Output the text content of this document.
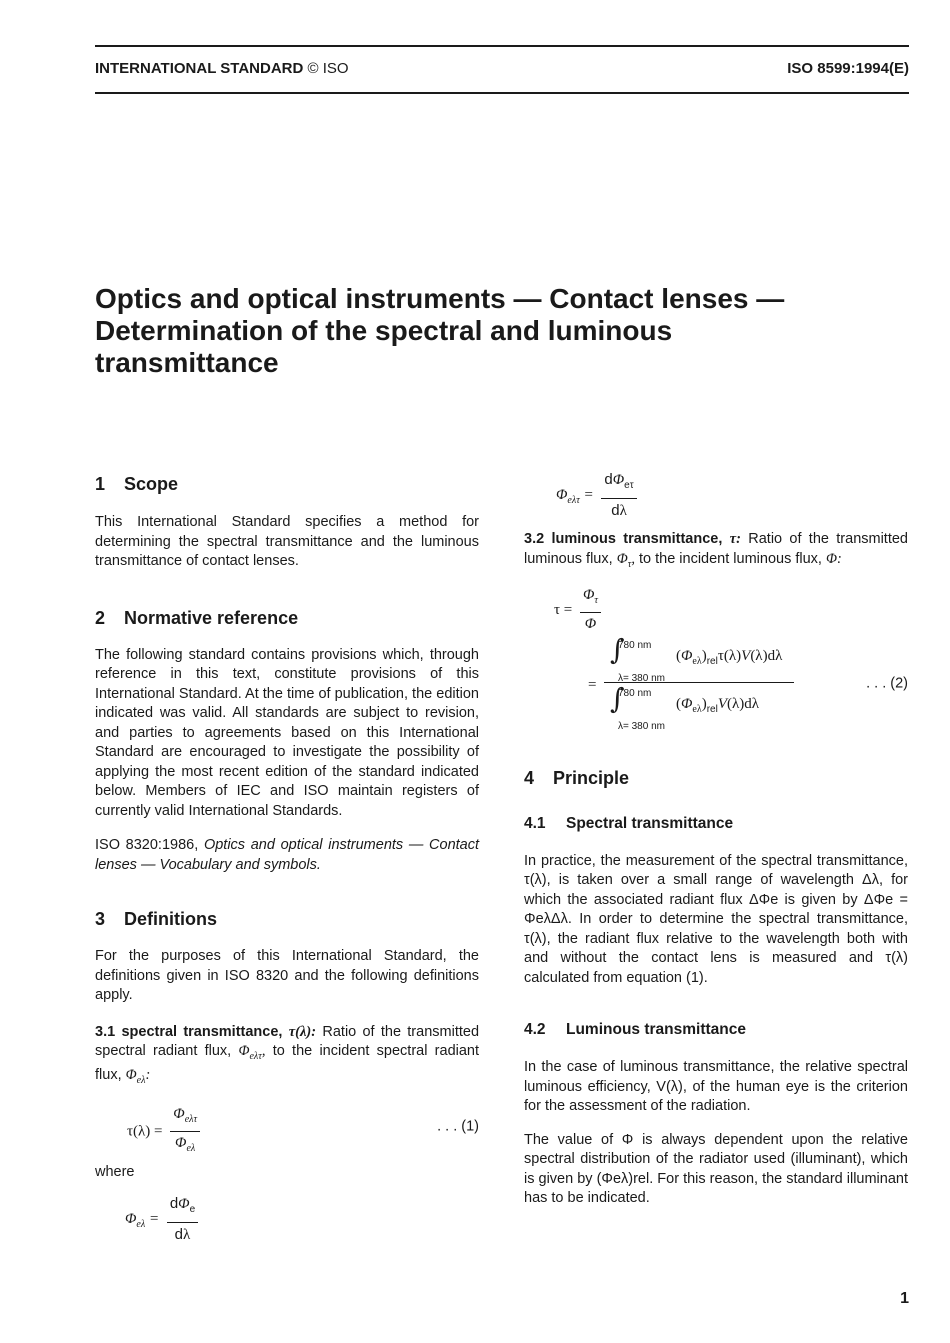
INTERNATIONAL STANDARD © ISO	ISO 8599:1994(E)
Optics and optical instruments — Contact lenses —
Determination of the spectral and luminous
transmittance
1 Scope

This International Standard specifies a method for determining the spectral transmittance and the luminous transmittance of contact lenses.

2 Normative reference

The following standard contains provisions which, through reference in this text, constitute provisions of this International Standard. At the time of publication, the edition indicated was valid. All standards are subject to revision, and parties to agreements based on this International Standard are encouraged to investigate the possibility of applying the most recent edition of the standard indicated below. Members of IEC and ISO maintain registers of currently valid International Standards.

ISO 8320:1986, Optics and optical instruments — Contact lenses — Vocabulary and symbols.

3 Definitions

For the purposes of this International Standard, the definitions given in ISO 8320 and the following definitions apply.

3.1 spectral transmittance, τ(λ): Ratio of the transmitted spectral radiant flux, $\Phi_{e\lambda\tau}$, to the incident spectral radiant flux, $\Phi_{e\lambda}$:

$\tau(\lambda) = \frac{\Phi_{e\lambda\tau}}{\Phi_{e\lambda}}$	. . . (1)

where

$\Phi_{e\lambda} = \frac{d\Phi_e}{d\lambda}$
$\Phi_{e\lambda\tau} = \frac{d\Phi_{e\tau}}{d\lambda}$

3.2 luminous transmittance, τ: Ratio of the transmitted luminous flux, $\Phi_\tau$, to the incident luminous flux, Φ:

$\tau = \frac{\Phi_\tau}{\Phi}$
=
∫
780 nm
λ= 380 nm
$(\Phi_{e\lambda})_{rel}\tau(\lambda)V(\lambda)d\lambda$
∫
780 nm
λ= 380 nm
$(\Phi_{e\lambda})_{rel}V(\lambda)d\lambda$
. . . (2)
4 Principle
4.1 Spectral transmittance

In practice, the measurement of the spectral transmittance, τ(λ), is taken over a small range of wavelength Δλ, for which the associated radiant flux ΔΦe is given by ΔΦe = ΦeλΔλ. In order to determine the spectral transmittance, τ(λ), the radiant flux relative to the wavelength both with and without the contact lens is measured and τ(λ) calculated from equation (1).

4.2 Luminous transmittance

In the case of luminous transmittance, the relative spectral luminous efficiency, V(λ), of the human eye is the criterion for the assessment of the radiation.

The value of Φ is always dependent upon the relative spectral distribution of the radiator used (illuminant), which is given by (Φeλ)rel. For this reason, the standard illuminant has to be indicated.

1
